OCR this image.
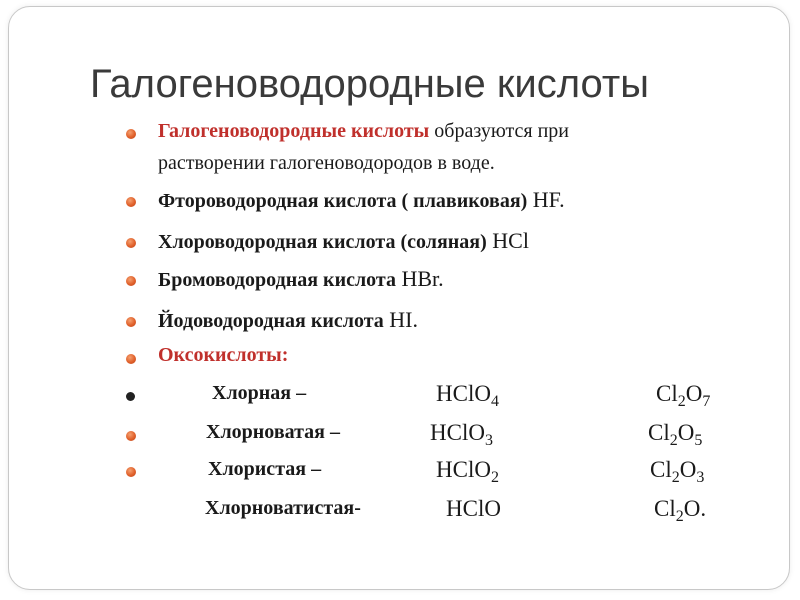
Галогеноводородные кислоты
Галогеноводородные кислоты образуются при
растворении галогеноводородов в воде.
Фтороводородная кислота ( плавиковая) HF.
Хлороводородная кислота (соляная) HCl
Бромоводородная кислота HBr.
Йодоводородная кислота HI.
Оксокислоты:
Хлорная –	HClO$_4$	$Cl_2O_7$
Хлорноватая –	HClO$_3$	$Cl_2O_5$
Хлористая –	HClO$_2$	$Cl_2O_3$
Хлорноватистая-	HClO	$Cl_2O$.
